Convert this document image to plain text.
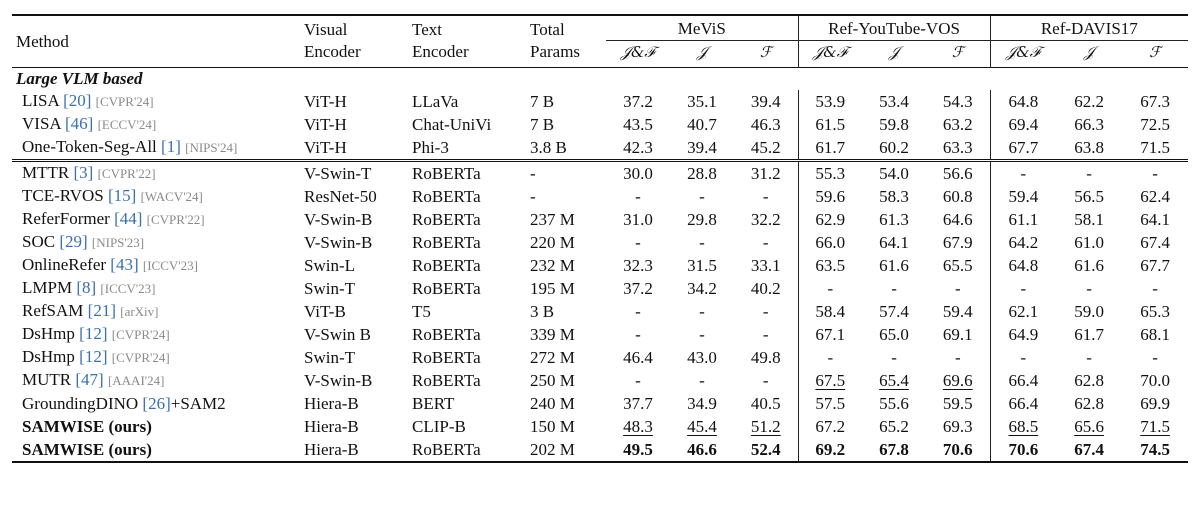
Method	Visual	Text	Total	MeViS			Ref-YouTube-VOS			Ref-DAVIS17		
	Encoder	Encoder	Params	𝒥&ℱ	𝒥	ℱ	𝒥&ℱ	𝒥	ℱ	𝒥&ℱ	𝒥	ℱ
Large VLM based												
LISA [20] [CVPR'24]	ViT-H	LLaVa	7 B	37.2	35.1	39.4	53.9	53.4	54.3	64.8	62.2	67.3
VISA [46] [ECCV'24]	ViT-H	Chat-UniVi	7 B	43.5	40.7	46.3	61.5	59.8	63.2	69.4	66.3	72.5
One-Token-Seg-All [1] [NIPS'24]	ViT-H	Phi-3	3.8 B	42.3	39.4	45.2	61.7	60.2	63.3	67.7	63.8	71.5
MTTR [3] [CVPR'22]	V-Swin-T	RoBERTa	-	30.0	28.8	31.2	55.3	54.0	56.6	-	-	-
TCE-RVOS [15] [WACV'24]	ResNet-50	RoBERTa	-	-	-	-	59.6	58.3	60.8	59.4	56.5	62.4
ReferFormer [44] [CVPR'22]	V-Swin-B	RoBERTa	237 M	31.0	29.8	32.2	62.9	61.3	64.6	61.1	58.1	64.1
SOC [29] [NIPS'23]	V-Swin-B	RoBERTa	220 M	-	-	-	66.0	64.1	67.9	64.2	61.0	67.4
OnlineRefer [43] [ICCV'23]	Swin-L	RoBERTa	232 M	32.3	31.5	33.1	63.5	61.6	65.5	64.8	61.6	67.7
LMPM [8] [ICCV'23]	Swin-T	RoBERTa	195 M	37.2	34.2	40.2	-	-	-	-	-	-
RefSAM [21] [arXiv]	ViT-B	T5	3 B	-	-	-	58.4	57.4	59.4	62.1	59.0	65.3
DsHmp [12] [CVPR'24]	V-Swin B	RoBERTa	339 M	-	-	-	67.1	65.0	69.1	64.9	61.7	68.1
DsHmp [12] [CVPR'24]	Swin-T	RoBERTa	272 M	46.4	43.0	49.8	-	-	-	-	-	-
MUTR [47] [AAAI'24]	V-Swin-B	RoBERTa	250 M	-	-	-	67.5	65.4	69.6	66.4	62.8	70.0
GroundingDINO [26]+SAM2	Hiera-B	BERT	240 M	37.7	34.9	40.5	57.5	55.6	59.5	66.4	62.8	69.9
SAMWISE (ours)	Hiera-B	CLIP-B	150 M	48.3	45.4	51.2	67.2	65.2	69.3	68.5	65.6	71.5
SAMWISE (ours)	Hiera-B	RoBERTa	202 M	49.5	46.6	52.4	69.2	67.8	70.6	70.6	67.4	74.5
